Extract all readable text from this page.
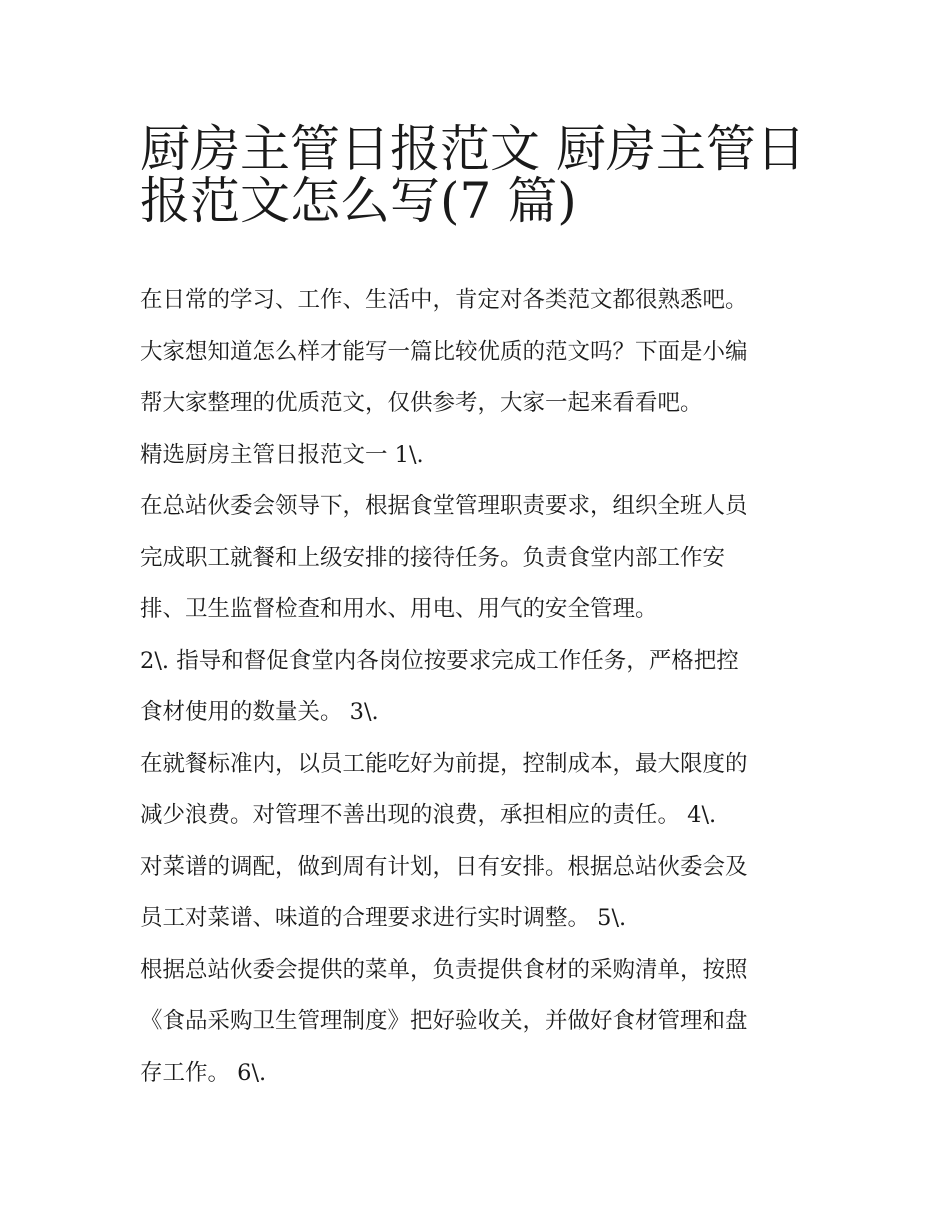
厨房主管日报范文 厨房主管日
报范文怎么写(7 篇)

在日常的学习、工作、生活中，肯定对各类范文都很熟悉吧。
大家想知道怎么样才能写一篇比较优质的范文吗？下面是小编
帮大家整理的优质范文，仅供参考，大家一起来看看吧。

精选厨房主管日报范文一 1\.

在总站伙委会领导下，根据食堂管理职责要求，组织全班人员
完成职工就餐和上级安排的接待任务。负责食堂内部工作安
排、卫生监督检查和用水、用电、用气的安全管理。

2\. 指导和督促食堂内各岗位按要求完成工作任务，严格把控
食材使用的数量关。 3\.

在就餐标准内，以员工能吃好为前提，控制成本，最大限度的
减少浪费。对管理不善出现的浪费，承担相应的责任。 4\.

对菜谱的调配，做到周有计划，日有安排。根据总站伙委会及
员工对菜谱、味道的合理要求进行实时调整。 5\.

根据总站伙委会提供的菜单，负责提供食材的采购清单，按照
《食品采购卫生管理制度》把好验收关，并做好食材管理和盘
存工作。 6\.
